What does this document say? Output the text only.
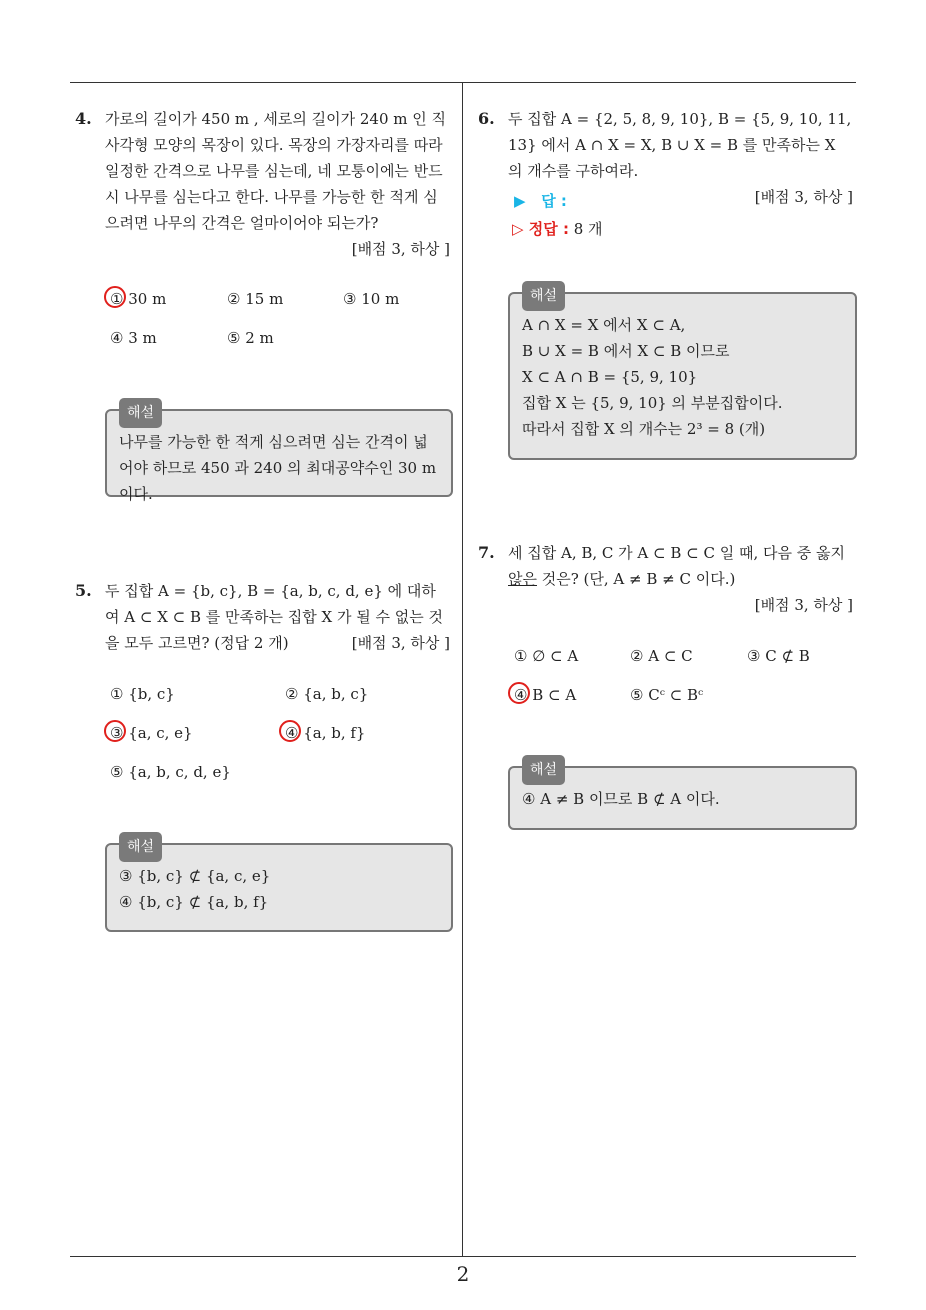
4. 가로의 길이가 450 m , 세로의 길이가 240 m 인 직사각형 모양의 목장이 있다. 목장의 가장자리를 따라 일정한 간격으로 나무를 심는데, 네 모퉁이에는 반드시 나무를 심는다고 한다. 나무를 가능한 한 적게 심으려면 나무의 간격은 얼마이어야 되는가?
[배점 3, 하상 ]
① 30 m	② 15 m	③ 10 m
④ 3 m	⑤ 2 m
해설
나무를 가능한 한 적게 심으려면 심는 간격이 넓어야 하므로 450 과 240 의 최대공약수인 30 m 이다.
5. 두 집합 A = {b, c}, B = {a, b, c, d, e} 에 대하여 A ⊂ X ⊂ B 를 만족하는 집합 X 가 될 수 없는 것을 모두 고르면? (정답 2 개)	[배점 3, 하상 ]
① {b, c}	② {a, b, c}
③ {a, c, e}	④ {a, b, f}
⑤ {a, b, c, d, e}
해설
③ {b, c} ⊄ {a, c, e}
④ {b, c} ⊄ {a, b, f}
6. 두 집합 A = {2, 5, 8, 9, 10}, B = {5, 9, 10, 11, 13} 에서 A ∩ X = X, B ∪ X = B 를 만족하는 X 의 개수를 구하여라.
[배점 3, 하상 ]
▶   답 :
▷ 정답 : 8 개
해설
A ∩ X = X 에서 X ⊂ A,
B ∪ X = B 에서 X ⊂ B 이므로
X ⊂ A ∩ B = {5, 9, 10}
집합 X 는 {5, 9, 10} 의 부분집합이다.
따라서 집합 X 의 개수는 2³ = 8 (개)
7. 세 집합 A, B, C 가 A ⊂ B ⊂ C 일 때, 다음 중 옳지 않은 것은? (단, A ≠ B ≠ C 이다.)
[배점 3, 하상 ]
① ∅ ⊂ A	② A ⊂ C	③ C ⊄ B
④ B ⊂ A	⑤ Cᶜ ⊂ Bᶜ
해설
④ A ≠ B 이므로 B ⊄ A 이다.
2
